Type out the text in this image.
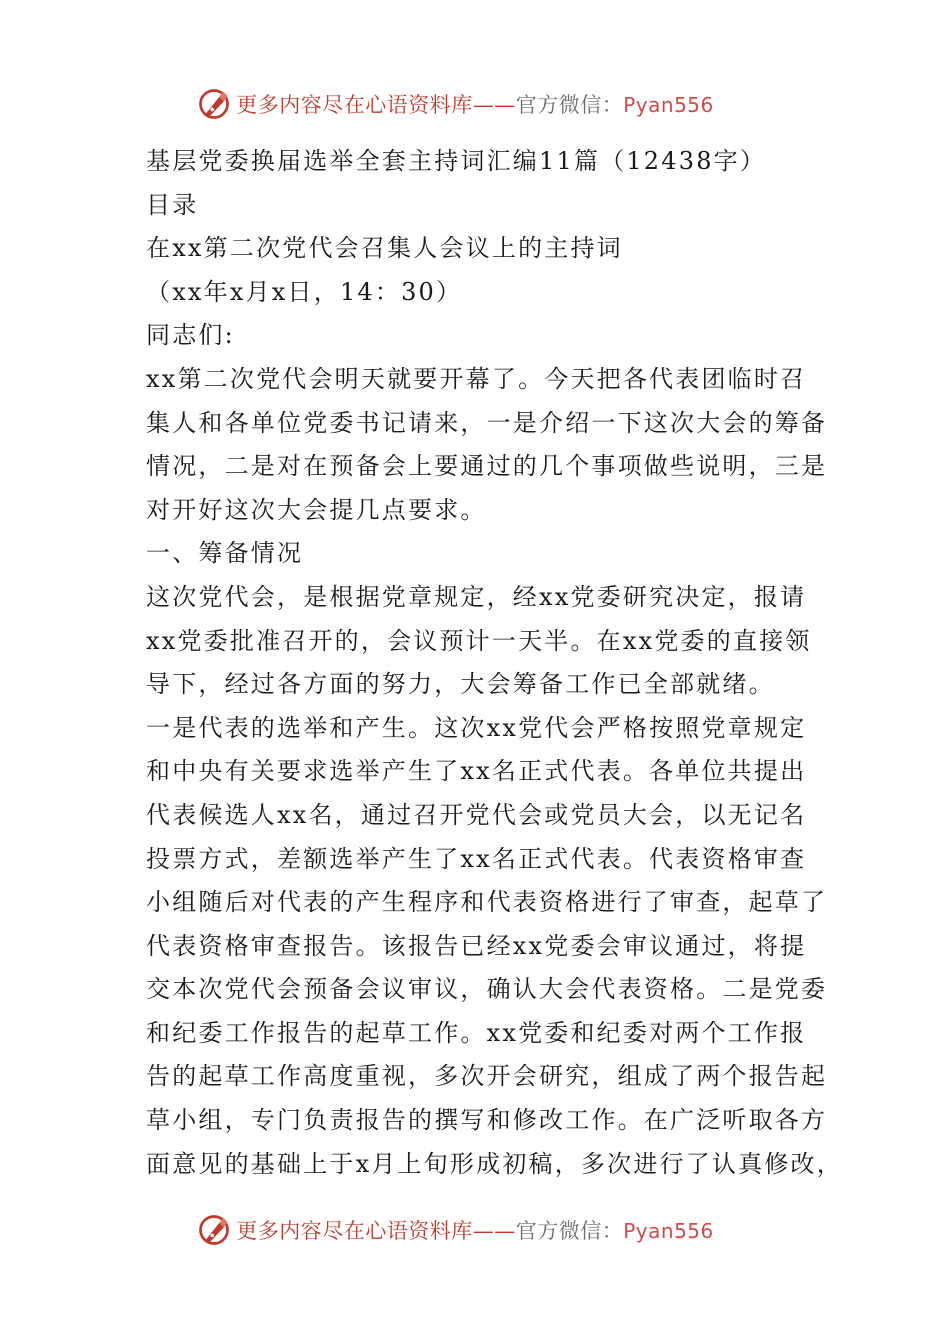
更多内容尽在心语资料库——官方微信：Pyan556

基层党委换届选举全套主持词汇编11篇（12438字）

目录

在xx第二次党代会召集人会议上的主持词

（xx年x月x日，14：30）

同志们:

xx第二次党代会明天就要开幕了。今天把各代表团临时召

集人和各单位党委书记请来，一是介绍一下这次大会的筹备

情况，二是对在预备会上要通过的几个事项做些说明，三是

对开好这次大会提几点要求。

一、筹备情况

这次党代会，是根据党章规定，经xx党委研究决定，报请

xx党委批准召开的，会议预计一天半。在xx党委的直接领

导下，经过各方面的努力，大会筹备工作已全部就绪。

一是代表的选举和产生。这次xx党代会严格按照党章规定

和中央有关要求选举产生了xx名正式代表。各单位共提出

代表候选人xx名，通过召开党代会或党员大会，以无记名

投票方式，差额选举产生了xx名正式代表。代表资格审查

小组随后对代表的产生程序和代表资格进行了审查，起草了

代表资格审查报告。该报告已经xx党委会审议通过，将提

交本次党代会预备会议审议，确认大会代表资格。二是党委

和纪委工作报告的起草工作。xx党委和纪委对两个工作报

告的起草工作高度重视，多次开会研究，组成了两个报告起

草小组，专门负责报告的撰写和修改工作。在广泛听取各方

面意见的基础上于x月上旬形成初稿，多次进行了认真修改，

更多内容尽在心语资料库——官方微信：Pyan556
